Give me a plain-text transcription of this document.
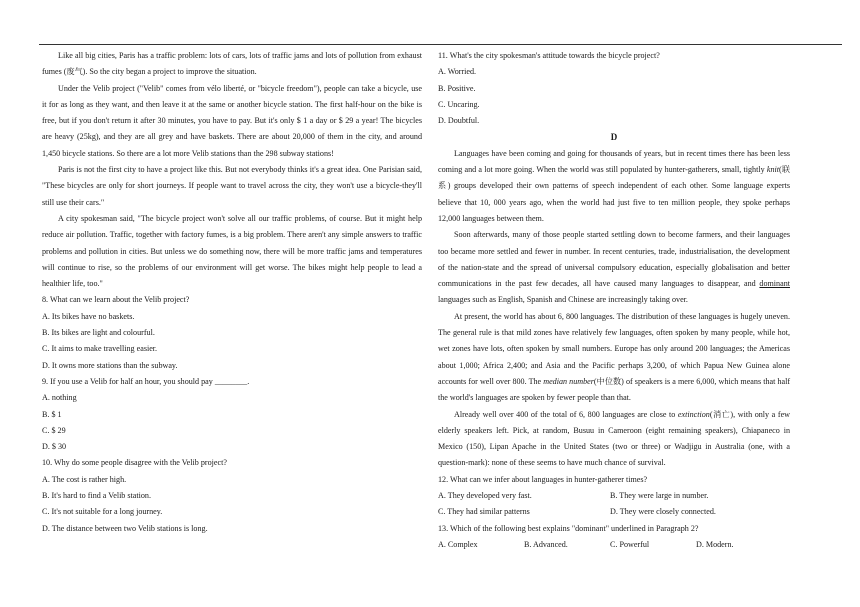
Like all big cities, Paris has a traffic problem: lots of cars, lots of traffic jams and lots of pollution from exhaust fumes (废气). So the city began a project to improve the situation.

Under the Velib project ("Velib" comes from vélo liberté, or "bicycle freedom"), people can take a bicycle, use it for as long as they want, and then leave it at the same or another bicycle station. The first half-hour on the bike is free, but if you don't return it after 30 minutes, you have to pay. But it's only $ 1 a day or $ 29 a year! The bicycles are heavy (25kg), and they are all grey and have baskets. There are about 20,000 of them in the city, and around 1,450 bicycle stations. So there are a lot more Velib stations than the 298 subway stations!

Paris is not the first city to have a project like this. But not everybody thinks it's a great idea. One Parisian said, "These bicycles are only for short journeys. If people want to travel across the city, they won't use a bicycle-they'll still use their cars."

A city spokesman said, "The bicycle project won't solve all our traffic problems, of course. But it might help reduce air pollution. Traffic, together with factory fumes, is a big problem. There aren't any simple answers to traffic problems and pollution in cities. But unless we do something now, there will be more traffic jams and temperatures will continue to rise, so the problems of our environment will get worse. The bikes might help people to lead a healthier life, too."

8. What can we learn about the Velib project?

A. Its bikes have no baskets.

B. Its bikes are light and colourful.

C. It aims to make travelling easier.

D. It owns more stations than the subway.

9. If you use a Velib for half an hour, you should pay ________.

A. nothing

B. $ 1

C. $ 29

D. $ 30

10. Why do some people disagree with the Velib project?

A. The cost is rather high.

B. It's hard to find a Velib station.

C. It's not suitable for a long journey.

D. The distance between two Velib stations is long.

11. What's the city spokesman's attitude towards the bicycle project?

A. Worried.

B. Positive.

C. Uncaring.

D. Doubtful.

D

Languages have been coming and going for thousands of years, but in recent times there has been less coming and a lot more going. When the world was still populated by hunter-gatherers, small, tightly knit(联系) groups developed their own patterns of speech independent of each other. Some language experts believe that 10, 000 years ago, when the world had just five to ten million people, they spoke perhaps 12,000 languages between them.

Soon afterwards, many of those people started settling down to become farmers, and their languages too became more settled and fewer in number. In recent centuries, trade, industrialisation, the development of the nation-state and the spread of universal compulsory education, especially globalisation and better communications in the past few decades, all have caused many languages to disappear, and dominant languages such as English, Spanish and Chinese are increasingly taking over.

At present, the world has about 6, 800 languages. The distribution of these languages is hugely uneven. The general rule is that mild zones have relatively few languages, often spoken by many people, while hot, wet zones have lots, often spoken by small numbers. Europe has only around 200 languages; the Americas about 1,000; Africa 2,400; and Asia and the Pacific perhaps 3,200, of which Papua New Guinea alone accounts for well over 800. The median number(中位数) of speakers is a mere 6,000, which means that half the world's languages are spoken by fewer people than that.

Already well over 400 of the total of 6, 800 languages are close to extinction(消亡), with only a few elderly speakers left. Pick, at random, Busuu in Cameroon (eight remaining speakers), Chiapaneco in Mexico (150), Lipan Apache in the United States (two or three) or Wadjigu in Australia (one, with a question-mark): none of these seems to have much chance of survival.

12. What can we infer about languages in hunter-gatherer times?

A. They developed very fast.	B. They were large in number.
C. They had similar patterns	D. They were closely connected.

13. Which of the following best explains "dominant" underlined in Paragraph 2?

A. Complex	B. Advanced.	C. Powerful	D. Modern.
